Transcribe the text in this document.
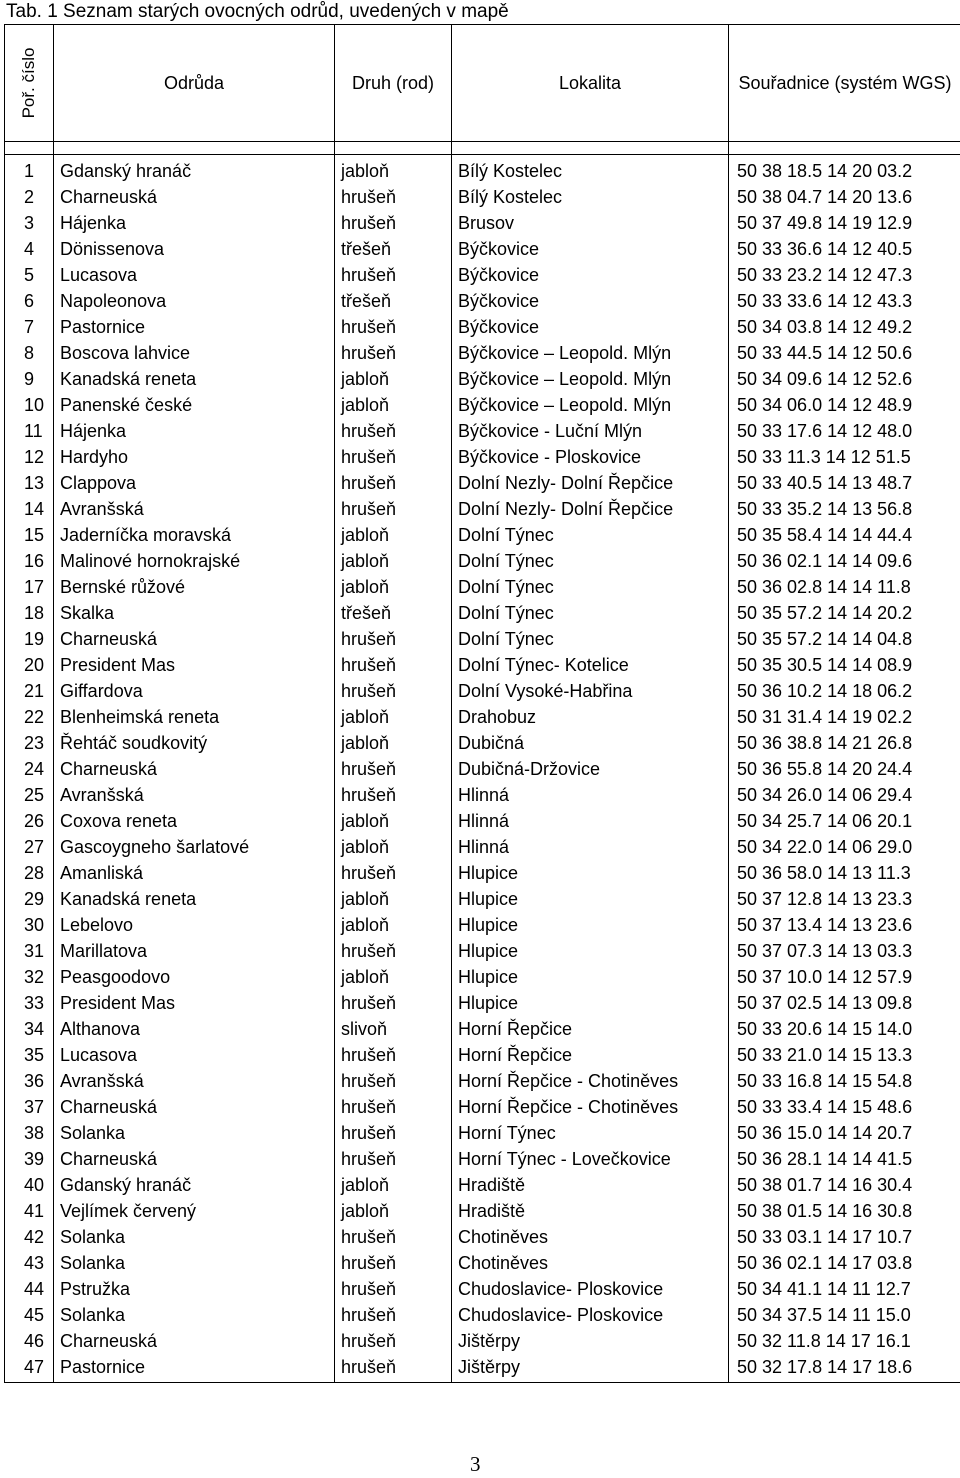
Tab. 1 Seznam starých ovocných odrůd, uvedených v mapě
Poř. číslo	Odrůda	Druh (rod)	Lokalita	Souřadnice (systém WGS)

1	Gdanský hranáč	jabloň	Bílý Kostelec	50 38 18.5 14 20 03.2
2	Charneuská	hrušeň	Bílý Kostelec	50 38 04.7 14 20 13.6
3	Hájenka	hrušeň	Brusov	50 37 49.8 14 19 12.9
4	Dönissenova	třešeň	Býčkovice	50 33 36.6 14 12 40.5
5	Lucasova	hrušeň	Býčkovice	50 33 23.2 14 12 47.3
6	Napoleonova	třešeň	Býčkovice	50 33 33.6 14 12 43.3
7	Pastornice	hrušeň	Býčkovice	50 34 03.8 14 12 49.2
8	Boscova lahvice	hrušeň	Býčkovice – Leopold. Mlýn	50 33 44.5 14 12 50.6
9	Kanadská reneta	jabloň	Býčkovice – Leopold. Mlýn	50 34 09.6 14 12 52.6
10	Panenské české	jabloň	Býčkovice – Leopold. Mlýn	50 34 06.0 14 12 48.9
11	Hájenka	hrušeň	Býčkovice - Luční Mlýn	50 33 17.6 14 12 48.0
12	Hardyho	hrušeň	Býčkovice - Ploskovice	50 33 11.3 14 12 51.5
13	Clappova	hrušeň	Dolní Nezly- Dolní Řepčice	50 33 40.5 14 13 48.7
14	Avranšská	hrušeň	Dolní Nezly- Dolní Řepčice	50 33 35.2 14 13 56.8
15	Jaderníčka moravská	jabloň	Dolní Týnec	50 35 58.4 14 14 44.4
16	Malinové hornokrajské	jabloň	Dolní Týnec	50 36 02.1 14 14 09.6
17	Bernské růžové	jabloň	Dolní Týnec	50 36 02.8 14 14 11.8
18	Skalka	třešeň	Dolní Týnec	50 35 57.2 14 14 20.2
19	Charneuská	hrušeň	Dolní Týnec	50 35 57.2 14 14 04.8
20	President Mas	hrušeň	Dolní Týnec- Kotelice	50 35 30.5 14 14 08.9
21	Giffardova	hrušeň	Dolní Vysoké-Habřina	50 36 10.2 14 18 06.2
22	Blenheimská reneta	jabloň	Drahobuz	50 31 31.4 14 19 02.2
23	Řehtáč soudkovitý	jabloň	Dubičná	50 36 38.8 14 21 26.8
24	Charneuská	hrušeň	Dubičná-Držovice	50 36 55.8 14 20 24.4
25	Avranšská	hrušeň	Hlinná	50 34 26.0 14 06 29.4
26	Coxova reneta	jabloň	Hlinná	50 34 25.7 14 06 20.1
27	Gascoygneho šarlatové	jabloň	Hlinná	50 34 22.0 14 06 29.0
28	Amanliská	hrušeň	Hlupice	50 36 58.0 14 13 11.3
29	Kanadská reneta	jabloň	Hlupice	50 37 12.8 14 13 23.3
30	Lebelovo	jabloň	Hlupice	50 37 13.4 14 13 23.6
31	Marillatova	hrušeň	Hlupice	50 37 07.3 14 13 03.3
32	Peasgoodovo	jabloň	Hlupice	50 37 10.0 14 12 57.9
33	President Mas	hrušeň	Hlupice	50 37 02.5 14 13 09.8
34	Althanova	slivoň	Horní Řepčice	50 33 20.6 14 15 14.0
35	Lucasova	hrušeň	Horní Řepčice	50 33 21.0 14 15 13.3
36	Avranšská	hrušeň	Horní Řepčice - Chotiněves	50 33 16.8 14 15 54.8
37	Charneuská	hrušeň	Horní Řepčice - Chotiněves	50 33 33.4 14 15 48.6
38	Solanka	hrušeň	Horní Týnec	50 36 15.0 14 14 20.7
39	Charneuská	hrušeň	Horní Týnec - Lovečkovice	50 36 28.1 14 14 41.5
40	Gdanský hranáč	jabloň	Hradiště	50 38 01.7 14 16 30.4
41	Vejlímek červený	jabloň	Hradiště	50 38 01.5 14 16 30.8
42	Solanka	hrušeň	Chotiněves	50 33 03.1 14 17 10.7
43	Solanka	hrušeň	Chotiněves	50 36 02.1 14 17 03.8
44	Pstružka	hrušeň	Chudoslavice- Ploskovice	50 34 41.1 14 11 12.7
45	Solanka	hrušeň	Chudoslavice- Ploskovice	50 34 37.5 14 11 15.0
46	Charneuská	hrušeň	Jištěrpy	50 32 11.8 14 17 16.1
47	Pastornice	hrušeň	Jištěrpy	50 32 17.8 14 17 18.6
3
